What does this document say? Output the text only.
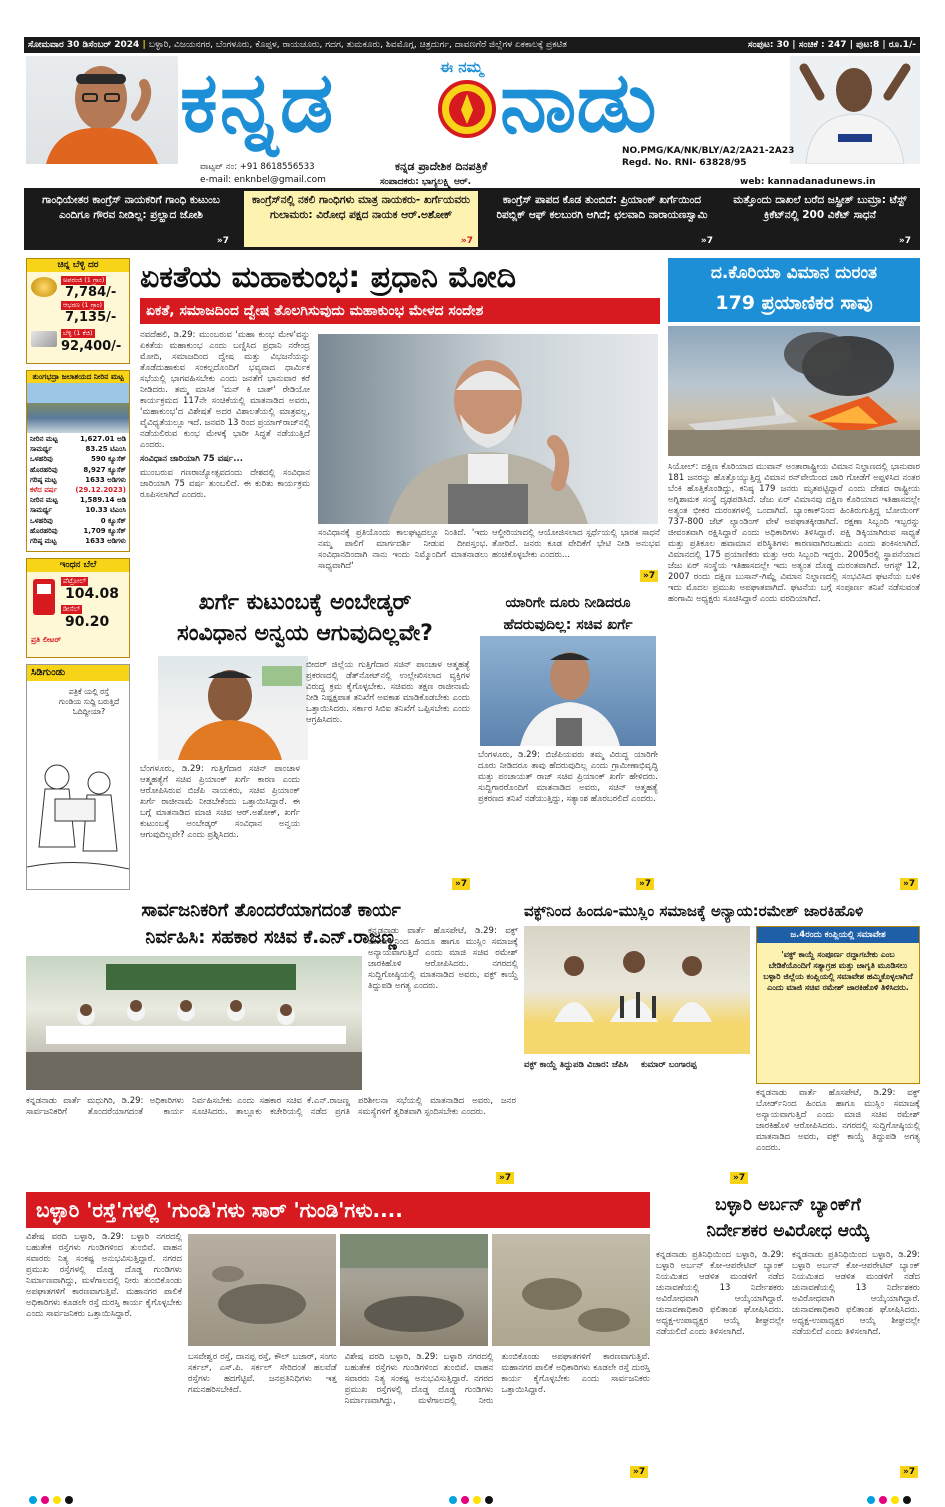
ಸೋಮವಾರ 30 ಡಿಸೆಂಬರ್ 2024 | ಬಳ್ಳಾರಿ, ವಿಜಯನಗರ, ಬೆಂಗಳೂರು, ಕೊಪ್ಪಳ, ರಾಯಚೂರು, ಗದಗ, ತುಮಕೂರು, ಶಿವಮೊಗ್ಗ, ಚಿತ್ರದುರ್ಗ, ದಾವಣಗೆರೆ ಜಿಲ್ಲೆಗಳ ಏಕಕಾಲಕ್ಕೆ ಪ್ರಕಟಿತ	ಸಂಪುಟ: 30 | ಸಂಚಿಕೆ : 247 | ಪುಟ:8 | ರೂ.1/-
ಕನ್ನಡ	ಈ ನಮ್ಮ ನಾಡು
ಕನ್ನಡ ಪ್ರಾದೇಶಿಕ ದಿನಪತ್ರಿಕೆ
ವಾಟ್ಸಪ್ ನಂ: +91 8618556533
e-mail: enknbel@gmail.com	ಸಂಪಾದಕರು: ಭಾಗ್ಯಲಕ್ಷ್ಮಿ ಆರ್.
NO.PMG/KA/NK/BLY/A2/2A21-2A23
Regd. No. RNI- 63828/95
web: kannadanadunews.in
ಗಾಂಧಿಯೇತರ ಕಾಂಗ್ರೆಸ್ ನಾಯಕರಿಗೆ ಗಾಂಧಿ ಕುಟುಂಬ ಎಂದಿಗೂ ಗೌರವ ನೀಡಿಲ್ಲ: ಪ್ರಲ್ಹಾದ ಜೋಶಿ
»7
ಕಾಂಗ್ರೆಸ್‌ನಲ್ಲಿ ನಕಲಿ ಗಾಂಧಿಗಳು ಮಾತ್ರ ನಾಯಕರು- ಖರ್ಗೆಯವರು ಗುಲಾಮರು: ವಿರೋಧ ಪಕ್ಷದ ನಾಯಕ ಆರ್.ಅಶೋಕ್
»7
ಕಾಂಗ್ರೆಸ್ ಪಾಪದ ಕೊಡ ತುಂಬಿದೆ: ಪ್ರಿಯಾಂಕ್ ಖರ್ಗೆಯಿಂದ ರಿಪಬ್ಲಿಕ್ ಆಫ್ ಕಲಬುರಗಿ ಆಗಿದೆ; ಛಲವಾದಿ ನಾರಾಯಣಸ್ವಾಮಿ
»7
ಮತ್ತೊಂದು ದಾಖಲೆ ಬರೆದ ಜಸ್ಪ್ರೀತ್ ಬುಮ್ರಾ: ಟೆಸ್ಟ್ ಕ್ರಿಕೆಟ್‌ನಲ್ಲಿ 200 ವಿಕೆಟ್ ಸಾಧನೆ
»7
ಚಿನ್ನ ಬೆಳ್ಳಿ ದರ
ಅಪರಂಜಿ (1 ಗ್ರಾಂ)
7,784/-
ಆಭರಣ (1 ಗ್ರಾಂ)
7,135/-
ಬೆಳ್ಳಿ (1 ಕೆಜಿ)
92,400/-
ತುಂಗಭದ್ರಾ ಜಲಾಶಯದ ನೀರಿನ ಮಟ್ಟ
ನೀರಿನ ಮಟ್ಟ	1,627.01 ಅಡಿ
ಸಾಮರ್ಥ್ಯ	83.25 ಟಿಎಂಸಿ
ಒಳಹರಿವು	590 ಕ್ಯೂಸೆಕ್
ಹೊರಹರಿವು	8,927 ಕ್ಯೂಸೆಕ್
ಗರಿಷ್ಠ ಮಟ್ಟ	1633 ಅಡಿಗಳು
ಕಳೆದ ವರ್ಷ	(29.12.2023)
ನೀರಿನ ಮಟ್ಟ	1,589.14 ಅಡಿ
ಸಾಮರ್ಥ್ಯ	10.33 ಟಿಎಂಸಿ
ಒಳಹರಿವು	0 ಕ್ಯೂಸೆಕ್
ಹೊರಹರಿವು	1,709 ಕ್ಯೂಸೆಕ್
ಗರಿಷ್ಠ ಮಟ್ಟ	1633 ಅಡಿಗಳು
ಇಂಧನ ಬೆಲೆ
ಪೆಟ್ರೋಲ್
104.08
ಡೀಸೆಲ್
90.20
ಪ್ರತಿ ಲೀಟರ್
ಸಿಡಿಗುಂಡು
ಪತ್ರಿಕೆ ಯಲ್ಲಿ ರಸ್ತೆ ಗುಂಡಿಯ ಸುದ್ದಿ ಬರುತ್ತಿದೆ ಓದಿದ್ದೀಯಾ?
ಏಕತೆಯ ಮಹಾಕುಂಭ: ಪ್ರಧಾನಿ ಮೋದಿ
ಏಕತೆ, ಸಮಾಜದಿಂದ ದ್ವೇಷ ತೊಲಗಿಸುವುದು ಮಹಾಕುಂಭ ಮೇಳದ ಸಂದೇಶ

ನವದೆಹಲಿ, ಡಿ.29: ಮುಂಬರುವ 'ಮಹಾ ಕುಂಭ ಮೇಳ'ವನ್ನು ಏಕತೆಯ ಮಹಾಕುಂಭ ಎಂದು ಬಣ್ಣಿಸಿದ ಪ್ರಧಾನಿ ನರೇಂದ್ರ ಮೋದಿ, ಸಮಾಜದಿಂದ ದ್ವೇಷ ಮತ್ತು ವಿಭಜನೆಯನ್ನು ತೊಡೆದುಹಾಕುವ ಸಂಕಲ್ಪದೊಂದಿಗೆ ಭವ್ಯವಾದ ಧಾರ್ಮಿಕ ಸಭೆಯಲ್ಲಿ ಭಾಗವಹಿಸಬೇಕು ಎಂದು ಜನತೆಗೆ ಭಾನುವಾರ ಕರೆ ನೀಡಿದರು. ತಮ್ಮ ಮಾಸಿಕ 'ಮನ್ ಕಿ ಬಾತ್' ರೇಡಿಯೋ ಕಾರ್ಯಕ್ರಮದ 117ನೇ ಸಂಚಿಕೆಯಲ್ಲಿ ಮಾತನಾಡಿದ ಅವರು, 'ಮಹಾಕುಂಭ'ದ ವಿಶೇಷತೆ ಅದರ ವಿಶಾಲತೆಯಲ್ಲಿ ಮಾತ್ರವಲ್ಲ, ವೈವಿಧ್ಯತೆಯಲ್ಲೂ ಇದೆ. ಜನವರಿ 13 ರಿಂದ ಪ್ರಯಾಗ್‌ರಾಜ್‌ನಲ್ಲಿ ನಡೆಯಲಿರುವ ಕುಂಭ ಮೇಳಕ್ಕೆ ಭಾರೀ ಸಿದ್ಧತೆ ನಡೆಯುತ್ತಿದೆ ಎಂದರು.

ಸಂವಿಧಾನ ಜಾರಿಯಾಗಿ 75 ವರ್ಷ...

ಮುಂಬರುವ ಗಣರಾಜ್ಯೋತ್ಸವದಂದು ದೇಶದಲ್ಲಿ ಸಂವಿಧಾನ ಜಾರಿಯಾಗಿ 75 ವರ್ಷ ತುಂಬಲಿದೆ. ಈ ಕುರಿತು ಕಾರ್ಯಕ್ರಮ ರೂಪಿಸಲಾಗಿದೆ ಎಂದರು.

ಸಂವಿಧಾನಕ್ಕೆ ಪ್ರತಿಯೊಂದು ಕಾಲಘಟ್ಟದಲ್ಲೂ ನಿಂತಿದೆ. 'ಇದು ನಮ್ಮ ಪಾಲಿಗೆ ಮಾರ್ಗದರ್ಶಿ ನೀಡುವ ದೀಪಸ್ತಂಭ. ಸಂವಿಧಾನದಿಂದಾಗಿ ನಾನು ಇಂದು ನಿಮ್ಮೊಂದಿಗೆ ಮಾತನಾಡಲು ಸಾಧ್ಯವಾಗಿದೆ'

ಆಲ್ಜೀರಿಯಾದಲ್ಲಿ ಆಯೋಜಿಸಲಾದ ಸ್ಪರ್ಧೆಯಲ್ಲಿ ಭಾರತ ಸಾಧನೆ ತೋರಿದೆ. ಜನರು ಕೂಡ ವೇದಿಕೆಗೆ ಭೇಟಿ ನೀಡಿ ಅನುಭವ ಹಂಚಿಕೊಳ್ಳಬೇಕು ಎಂದರು...

»7
ಖರ್ಗೆ ಕುಟುಂಬಕ್ಕೆ ಅಂಬೇಡ್ಕರ್
ಸಂವಿಧಾನ ಅನ್ವಯ ಆಗುವುದಿಲ್ಲವೇ?

ಬೆಂಗಳೂರು, ಡಿ.29: ಗುತ್ತಿಗೆದಾರ ಸಚಿನ್ ಪಾಂಚಾಳ ಆತ್ಮಹತ್ಯೆಗೆ ಸಚಿವ ಪ್ರಿಯಾಂಕ್ ಖರ್ಗೆ ಕಾರಣ ಎಂದು ಆರೋಪಿಸಿರುವ ಬಿಜೆಪಿ ನಾಯಕರು, ಸಚಿವ ಪ್ರಿಯಾಂಕ್ ಖರ್ಗೆ ರಾಜೀನಾಮೆ ನೀಡಬೇಕೆಂದು ಒತ್ತಾಯಿಸಿದ್ದಾರೆ. ಈ ಬಗ್ಗೆ ಮಾತನಾಡಿದ ಮಾಜಿ ಸಚಿವ ಆರ್.ಅಶೋಕ್, ಖರ್ಗೆ ಕುಟುಂಬಕ್ಕೆ ಅಂಬೇಡ್ಕರ್ ಸಂವಿಧಾನ ಅನ್ವಯ ಆಗುವುದಿಲ್ಲವೇ? ಎಂದು ಪ್ರಶ್ನಿಸಿದರು.

ಬೀದರ್ ಜಿಲ್ಲೆಯ ಗುತ್ತಿಗೆದಾರ ಸಚಿನ್ ಪಾಂಚಾಳ ಆತ್ಮಹತ್ಯೆ ಪ್ರಕರಣದಲ್ಲಿ ಡೆತ್‌ನೋಟ್‌ನಲ್ಲಿ ಉಲ್ಲೇಖಿಸಲಾದ ವ್ಯಕ್ತಿಗಳ ವಿರುದ್ಧ ಕ್ರಮ ಕೈಗೊಳ್ಳಬೇಕು. ಸಚಿವರು ತಕ್ಷಣ ರಾಜೀನಾಮೆ ನೀಡಿ ನಿಷ್ಪಕ್ಷಪಾತ ತನಿಖೆಗೆ ಅವಕಾಶ ಮಾಡಿಕೊಡಬೇಕು ಎಂದು ಒತ್ತಾಯಿಸಿದರು. ಸರ್ಕಾರ ಸಿಬಿಐ ತನಿಖೆಗೆ ಒಪ್ಪಿಸಬೇಕು ಎಂದು ಆಗ್ರಹಿಸಿದರು.

»7
ಯಾರಿಗೇ ದೂರು ನೀಡಿದರೂ ಹೆದರುವುದಿಲ್ಲ: ಸಚಿವ ಖರ್ಗೆ

ಬೆಂಗಳೂರು, ಡಿ.29: ಬಿಜೆಪಿಯವರು ತಮ್ಮ ವಿರುದ್ಧ ಯಾರಿಗೇ ದೂರು ನೀಡಿದರೂ ತಾವು ಹೆದರುವುದಿಲ್ಲ ಎಂದು ಗ್ರಾಮೀಣಾಭಿವೃದ್ಧಿ ಮತ್ತು ಪಂಚಾಯತ್ ರಾಜ್ ಸಚಿವ ಪ್ರಿಯಾಂಕ್ ಖರ್ಗೆ ಹೇಳಿದರು. ಸುದ್ದಿಗಾರರೊಂದಿಗೆ ಮಾತನಾಡಿದ ಅವರು, ಸಚಿನ್ ಆತ್ಮಹತ್ಯೆ ಪ್ರಕರಣದ ತನಿಖೆ ನಡೆಯುತ್ತಿದ್ದು, ಸತ್ಯಾಂಶ ಹೊರಬರಲಿದೆ ಎಂದರು.

»7
ದ.ಕೊರಿಯಾ ವಿಮಾನ ದುರಂತ
179 ಪ್ರಯಾಣಿಕರ ಸಾವು

ಸಿಯೋಲ್: ದಕ್ಷಿಣ ಕೊರಿಯಾದ ಮುವಾನ್ ಅಂತಾರಾಷ್ಟ್ರೀಯ ವಿಮಾನ ನಿಲ್ದಾಣದಲ್ಲಿ ಭಾನುವಾರ 181 ಜನರನ್ನು ಹೊತ್ತೊಯ್ಯುತ್ತಿದ್ದ ವಿಮಾನ ರನ್‌ವೇಯಿಂದ ಜಾರಿ ಗೋಡೆಗೆ ಅಪ್ಪಳಿಸಿದ ನಂತರ ಬೆಂಕಿ ಹೊತ್ತಿಕೊಂಡಿದ್ದು, ಕನಿಷ್ಠ 179 ಜನರು ಮೃತಪಟ್ಟಿದ್ದಾರೆ ಎಂದು ದೇಶದ ರಾಷ್ಟ್ರೀಯ ಅಗ್ನಿಶಾಮಕ ಸಂಸ್ಥೆ ದೃಢಪಡಿಸಿದೆ. ಜೆಜು ಏರ್ ವಿಮಾನವು ದಕ್ಷಿಣ ಕೊರಿಯಾದ ಇತಿಹಾಸದಲ್ಲೇ ಅತ್ಯಂತ ಭೀಕರ ದುರಂತಗಳಲ್ಲಿ ಒಂದಾಗಿದೆ. ಬ್ಯಾಂಕಾಕ್‌ನಿಂದ ಹಿಂತಿರುಗುತ್ತಿದ್ದ ಬೋಯಿಂಗ್ 737-800 ಜೆಟ್ ಲ್ಯಾಂಡಿಂಗ್ ವೇಳೆ ಅಪಘಾತಕ್ಕೀಡಾಗಿದೆ. ರಕ್ಷಣಾ ಸಿಬ್ಬಂದಿ ಇಬ್ಬರನ್ನು ಜೀವಂತವಾಗಿ ರಕ್ಷಿಸಿದ್ದಾರೆ ಎಂದು ಅಧಿಕಾರಿಗಳು ತಿಳಿಸಿದ್ದಾರೆ. ಪಕ್ಷಿ ಡಿಕ್ಕಿಯಾಗಿರುವ ಸಾಧ್ಯತೆ ಮತ್ತು ಪ್ರತಿಕೂಲ ಹವಾಮಾನ ಪರಿಸ್ಥಿತಿಗಳು ಕಾರಣವಾಗಿರಬಹುದು ಎಂದು ಶಂಕಿಸಲಾಗಿದೆ. ವಿಮಾನದಲ್ಲಿ 175 ಪ್ರಯಾಣಿಕರು ಮತ್ತು ಆರು ಸಿಬ್ಬಂದಿ ಇದ್ದರು. 2005ರಲ್ಲಿ ಸ್ಥಾಪನೆಯಾದ ಜೆಜು ಏರ್ ಸಂಸ್ಥೆಯ ಇತಿಹಾಸದಲ್ಲೇ ಇದು ಅತ್ಯಂತ ದೊಡ್ಡ ದುರಂತವಾಗಿದೆ. ಆಗಸ್ಟ್ 12, 2007 ರಂದು ದಕ್ಷಿಣ ಬುಸಾನ್-ಗಿಮ್ಹೆ ವಿಮಾನ ನಿಲ್ದಾಣದಲ್ಲಿ ಸಂಭವಿಸಿದ ಘಟನೆಯ ಬಳಿಕ ಇದು ಮೊದಲ ಪ್ರಮುಖ ಅಪಘಾತವಾಗಿದೆ. ಘಟನೆಯ ಬಗ್ಗೆ ಸಂಪೂರ್ಣ ತನಿಖೆ ನಡೆಸುವಂತೆ ಹಂಗಾಮಿ ಅಧ್ಯಕ್ಷರು ಸೂಚಿಸಿದ್ದಾರೆ ಎಂದು ವರದಿಯಾಗಿದೆ.

»7
ಸಾರ್ವಜನಿಕರಿಗೆ ತೊಂದರೆಯಾಗದಂತೆ ಕಾರ್ಯ
ನಿರ್ವಹಿಸಿ: ಸಹಕಾರ ಸಚಿವ ಕೆ.ಎನ್.ರಾಜಣ್ಣ

ಕನ್ನಡನಾಡು ವಾರ್ತೆ ಮಧುಗಿರಿ, ಡಿ.29: ಅಧಿಕಾರಿಗಳು ಸಾರ್ವಜನಿಕರಿಗೆ ತೊಂದರೆಯಾಗದಂತೆ ಕಾರ್ಯ ನಿರ್ವಹಿಸಬೇಕು ಎಂದು ಸಹಕಾರ ಸಚಿವ ಕೆ.ಎನ್.ರಾಜಣ್ಣ ಸೂಚಿಸಿದರು. ತಾಲ್ಲೂಕು ಕಚೇರಿಯಲ್ಲಿ ನಡೆದ ಪ್ರಗತಿ ಪರಿಶೀಲನಾ ಸಭೆಯಲ್ಲಿ ಮಾತನಾಡಿದ ಅವರು, ಜನರ ಸಮಸ್ಯೆಗಳಿಗೆ ತ್ವರಿತವಾಗಿ ಸ್ಪಂದಿಸಬೇಕು ಎಂದರು.

»7
ವಕ್ಫ್‌ನಿಂದ ಹಿಂದೂ-ಮುಸ್ಲಿಂ ಸಮಾಜಕ್ಕೆ ಅನ್ಯಾಯ:ರಮೇಶ್ ಜಾರಕಿಹೊಳಿ

ಕನ್ನಡನಾಡು ವಾರ್ತೆ ಹೊಸಪೇಟೆ, ಡಿ.29: ವಕ್ಫ್ ಬೋರ್ಡ್‌ನಿಂದ ಹಿಂದೂ ಹಾಗೂ ಮುಸ್ಲಿಂ ಸಮಾಜಕ್ಕೆ ಅನ್ಯಾಯವಾಗುತ್ತಿದೆ ಎಂದು ಮಾಜಿ ಸಚಿವ ರಮೇಶ್ ಜಾರಕಿಹೊಳಿ ಆರೋಪಿಸಿದರು. ನಗರದಲ್ಲಿ ಸುದ್ದಿಗೋಷ್ಠಿಯಲ್ಲಿ ಮಾತನಾಡಿದ ಅವರು, ವಕ್ಫ್ ಕಾಯ್ದೆ ತಿದ್ದುಪಡಿ ಅಗತ್ಯ ಎಂದರು.

ವಕ್ಫ್ ಕಾಯ್ದೆ ತಿದ್ದುಪಡಿ ವಿಚಾರ: ಜೆಪಿಸಿ	ಕುಮಾರ್ ಬಂಗಾರಪ್ಪ

»7
ಜ.4ರಂದು ಕಂಪ್ಲಿಯಲ್ಲಿ ಸಮಾವೇಶ
'ವಕ್ಫ್ ಕಾಯ್ದೆ ಸಂಪೂರ್ಣ ರದ್ದಾಗಬೇಕು ಎಂಬ ಬೇಡಿಕೆಯೊಂದಿಗೆ ಸತ್ಯಾಗ್ರಹ ಮತ್ತು ಜಾಗೃತಿ ಮೂಡಿಸಲು ಬಳ್ಳಾರಿ ಜಿಲ್ಲೆಯ ಕಂಪ್ಲಿಯಲ್ಲಿ ಸಮಾವೇಶ ಹಮ್ಮಿಕೊಳ್ಳಲಾಗಿದೆ ಎಂದು ಮಾಜಿ ಸಚಿವ ರಮೇಶ್ ಜಾರಕಿಹೊಳಿ ತಿಳಿಸಿದರು.

ಕನ್ನಡನಾಡು ವಾರ್ತೆ ಹೊಸಪೇಟೆ, ಡಿ.29: ವಕ್ಫ್ ಬೋರ್ಡ್‌ನಿಂದ ಹಿಂದೂ ಹಾಗೂ ಮುಸ್ಲಿಂ ಸಮಾಜಕ್ಕೆ ಅನ್ಯಾಯವಾಗುತ್ತಿದೆ ಎಂದು ಮಾಜಿ ಸಚಿವ ರಮೇಶ್ ಜಾರಕಿಹೊಳಿ ಆರೋಪಿಸಿದರು. ನಗರದಲ್ಲಿ ಸುದ್ದಿಗೋಷ್ಠಿಯಲ್ಲಿ ಮಾತನಾಡಿದ ಅವರು, ವಕ್ಫ್ ಕಾಯ್ದೆ ತಿದ್ದುಪಡಿ ಅಗತ್ಯ ಎಂದರು.

ಬಳ್ಳಾರಿ 'ರಸ್ತೆ'ಗಳಲ್ಲಿ 'ಗುಂಡಿ'ಗಳು ಸಾರ್ 'ಗುಂಡಿ'ಗಳು....

ವಿಶೇಷ ವರದಿ ಬಳ್ಳಾರಿ, ಡಿ.29: ಬಳ್ಳಾರಿ ನಗರದಲ್ಲಿ ಬಹುತೇಕ ರಸ್ತೆಗಳು ಗುಂಡಿಗಳಿಂದ ತುಂಬಿವೆ. ವಾಹನ ಸವಾರರು ನಿತ್ಯ ಸಂಕಷ್ಟ ಅನುಭವಿಸುತ್ತಿದ್ದಾರೆ. ನಗರದ ಪ್ರಮುಖ ರಸ್ತೆಗಳಲ್ಲಿ ದೊಡ್ಡ ದೊಡ್ಡ ಗುಂಡಿಗಳು ನಿರ್ಮಾಣವಾಗಿದ್ದು, ಮಳೆಗಾಲದಲ್ಲಿ ನೀರು ತುಂಬಿಕೊಂಡು ಅಪಘಾತಗಳಿಗೆ ಕಾರಣವಾಗುತ್ತಿವೆ. ಮಹಾನಗರ ಪಾಲಿಕೆ ಅಧಿಕಾರಿಗಳು ಕೂಡಲೇ ರಸ್ತೆ ದುರಸ್ತಿ ಕಾರ್ಯ ಕೈಗೊಳ್ಳಬೇಕು ಎಂದು ಸಾರ್ವಜನಿಕರು ಒತ್ತಾಯಿಸಿದ್ದಾರೆ.

ಬಸವೇಶ್ವರ ರಸ್ತೆ, ದಾನಪ್ಪ ರಸ್ತೆ, ಕೌಲ್ ಬಜಾರ್, ಸಂಗಂ ಸರ್ಕಲ್, ಎಸ್.ಪಿ. ಸರ್ಕಲ್ ಸೇರಿದಂತೆ ಹಲವೆಡೆ ರಸ್ತೆಗಳು ಹದಗೆಟ್ಟಿವೆ. ಜನಪ್ರತಿನಿಧಿಗಳು ಇತ್ತ ಗಮನಹರಿಸಬೇಕಿದೆ.

ವಿಶೇಷ ವರದಿ ಬಳ್ಳಾರಿ, ಡಿ.29: ಬಳ್ಳಾರಿ ನಗರದಲ್ಲಿ ಬಹುತೇಕ ರಸ್ತೆಗಳು ಗುಂಡಿಗಳಿಂದ ತುಂಬಿವೆ. ವಾಹನ ಸವಾರರು ನಿತ್ಯ ಸಂಕಷ್ಟ ಅನುಭವಿಸುತ್ತಿದ್ದಾರೆ. ನಗರದ ಪ್ರಮುಖ ರಸ್ತೆಗಳಲ್ಲಿ ದೊಡ್ಡ ದೊಡ್ಡ ಗುಂಡಿಗಳು ನಿರ್ಮಾಣವಾಗಿದ್ದು, ಮಳೆಗಾಲದಲ್ಲಿ ನೀರು ತುಂಬಿಕೊಂಡು ಅಪಘಾತಗಳಿಗೆ ಕಾರಣವಾಗುತ್ತಿವೆ. ಮಹಾನಗರ ಪಾಲಿಕೆ ಅಧಿಕಾರಿಗಳು ಕೂಡಲೇ ರಸ್ತೆ ದುರಸ್ತಿ ಕಾರ್ಯ ಕೈಗೊಳ್ಳಬೇಕು ಎಂದು ಸಾರ್ವಜನಿಕರು ಒತ್ತಾಯಿಸಿದ್ದಾರೆ.

»7
ಬಳ್ಳಾರಿ ಅರ್ಬನ್ ಬ್ಯಾಂಕ್‌ಗೆ
ನಿರ್ದೇಶಕರ ಅವಿರೋಧ ಆಯ್ಕೆ

ಕನ್ನಡನಾಡು ಪ್ರತಿನಿಧಿಯಿಂದ ಬಳ್ಳಾರಿ, ಡಿ.29: ಬಳ್ಳಾರಿ ಅರ್ಬನ್ ಕೋ-ಆಪರೇಟಿವ್ ಬ್ಯಾಂಕ್ ನಿಯಮಿತದ ಆಡಳಿತ ಮಂಡಳಿಗೆ ನಡೆದ ಚುನಾವಣೆಯಲ್ಲಿ 13 ನಿರ್ದೇಶಕರು ಅವಿರೋಧವಾಗಿ ಆಯ್ಕೆಯಾಗಿದ್ದಾರೆ. ಚುನಾವಣಾಧಿಕಾರಿ ಫಲಿತಾಂಶ ಘೋಷಿಸಿದರು. ಅಧ್ಯಕ್ಷ-ಉಪಾಧ್ಯಕ್ಷರ ಆಯ್ಕೆ ಶೀಘ್ರದಲ್ಲೇ ನಡೆಯಲಿದೆ ಎಂದು ತಿಳಿಸಲಾಗಿದೆ.

ಕನ್ನಡನಾಡು ಪ್ರತಿನಿಧಿಯಿಂದ ಬಳ್ಳಾರಿ, ಡಿ.29: ಬಳ್ಳಾರಿ ಅರ್ಬನ್ ಕೋ-ಆಪರೇಟಿವ್ ಬ್ಯಾಂಕ್ ನಿಯಮಿತದ ಆಡಳಿತ ಮಂಡಳಿಗೆ ನಡೆದ ಚುನಾವಣೆಯಲ್ಲಿ 13 ನಿರ್ದೇಶಕರು ಅವಿರೋಧವಾಗಿ ಆಯ್ಕೆಯಾಗಿದ್ದಾರೆ. ಚುನಾವಣಾಧಿಕಾರಿ ಫಲಿತಾಂಶ ಘೋಷಿಸಿದರು. ಅಧ್ಯಕ್ಷ-ಉಪಾಧ್ಯಕ್ಷರ ಆಯ್ಕೆ ಶೀಘ್ರದಲ್ಲೇ ನಡೆಯಲಿದೆ ಎಂದು ತಿಳಿಸಲಾಗಿದೆ.

»7
